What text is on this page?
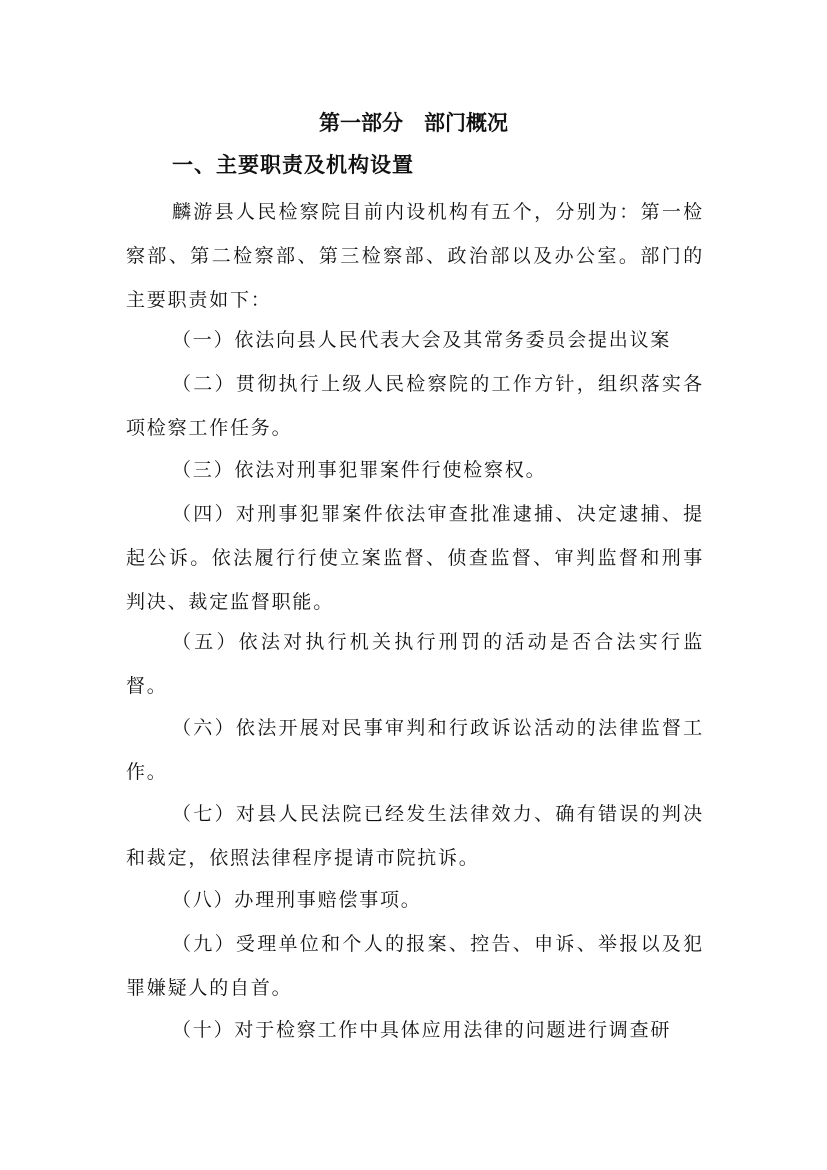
第一部分　部门概况
一、主要职责及机构设置

麟游县人民检察院目前内设机构有五个，分别为：第一检察部、第二检察部、第三检察部、政治部以及办公室。部门的主要职责如下：

（一）依法向县人民代表大会及其常务委员会提出议案

（二）贯彻执行上级人民检察院的工作方针，组织落实各项检察工作任务。

（三）依法对刑事犯罪案件行使检察权。

（四）对刑事犯罪案件依法审查批准逮捕、决定逮捕、提起公诉。依法履行行使立案监督、侦查监督、审判监督和刑事判决、裁定监督职能。

（五）依法对执行机关执行刑罚的活动是否合法实行监督。

（六）依法开展对民事审判和行政诉讼活动的法律监督工作。

（七）对县人民法院已经发生法律效力、确有错误的判决和裁定，依照法律程序提请市院抗诉。

（八）办理刑事赔偿事项。

（九）受理单位和个人的报案、控告、申诉、举报以及犯罪嫌疑人的自首。

（十）对于检察工作中具体应用法律的问题进行调查研
